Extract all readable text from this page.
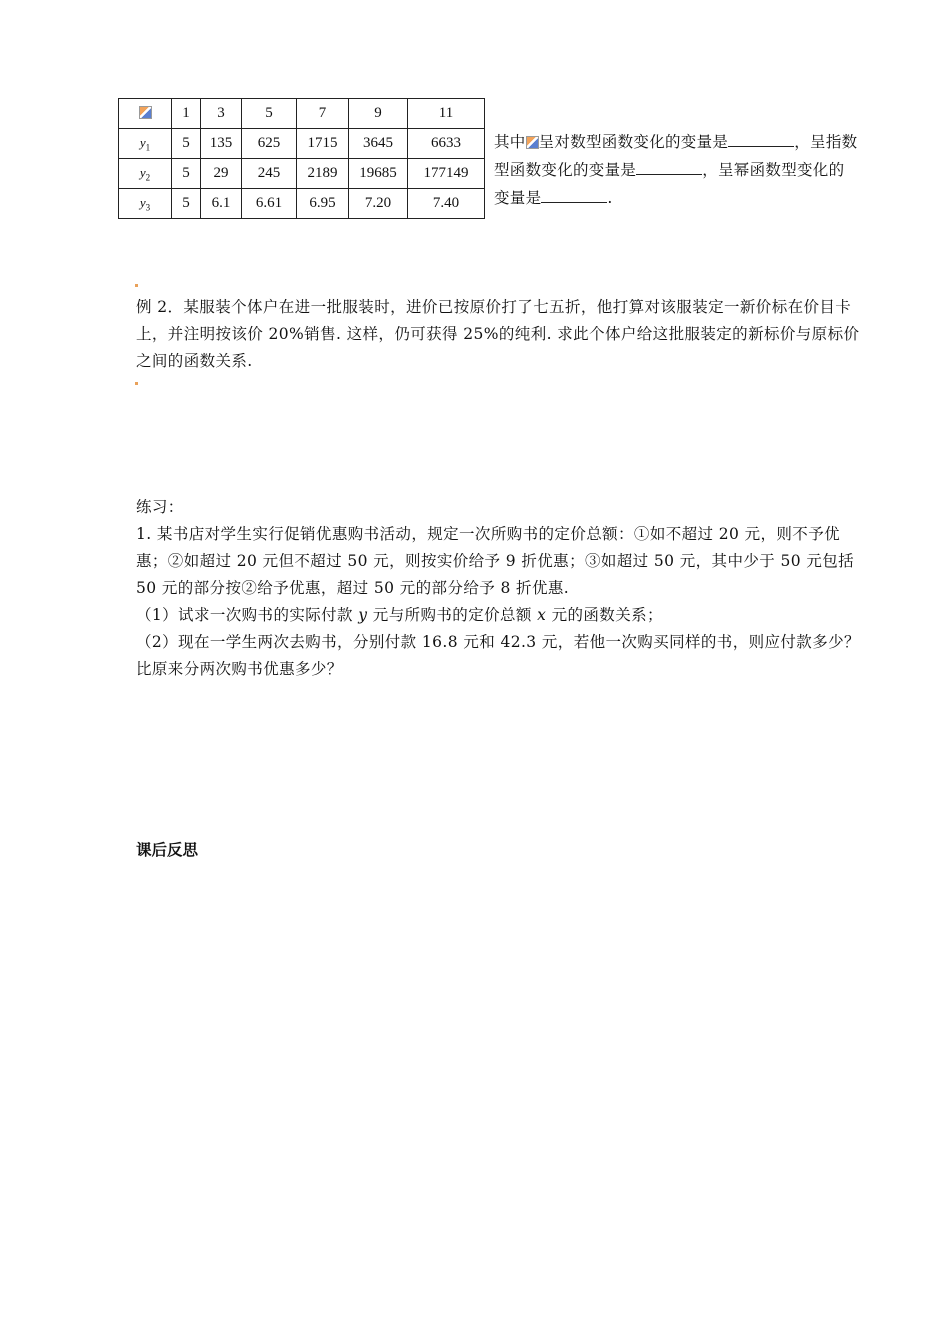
	1	3	5	7	9	11
$y_1$	5	135	625	1715	3645	6633
$y_2$	5	29	245	2189	19685	177149
$y_3$	5	6.1	6.61	6.95	7.20	7.40
其中 呈对数型函数变化的变量是	，呈指数型函数变化的变量是	，呈幂函数型变化的变量是	.

例 2．某服装个体户在进一批服装时，进价已按原价打了七五折，他打算对该服装定一新价标在价目卡上，并注明按该价 20%销售. 这样，仍可获得 25%的纯利. 求此个体户给这批服装定的新标价与原标价之间的函数关系.

练习：

1. 某书店对学生实行促销优惠购书活动，规定一次所购书的定价总额：①如不超过 20 元，则不予优惠；②如超过 20 元但不超过 50 元，则按实价给予 9 折优惠；③如超过 50 元，其中少于 50 元包括 50 元的部分按②给予优惠，超过 50 元的部分给予 8 折优惠.

（1）试求一次购书的实际付款 y 元与所购书的定价总额 x 元的函数关系；

（2）现在一学生两次去购书，分别付款 16.8 元和 42.3 元，若他一次购买同样的书，则应付款多少？比原来分两次购书优惠多少？

课后反思
